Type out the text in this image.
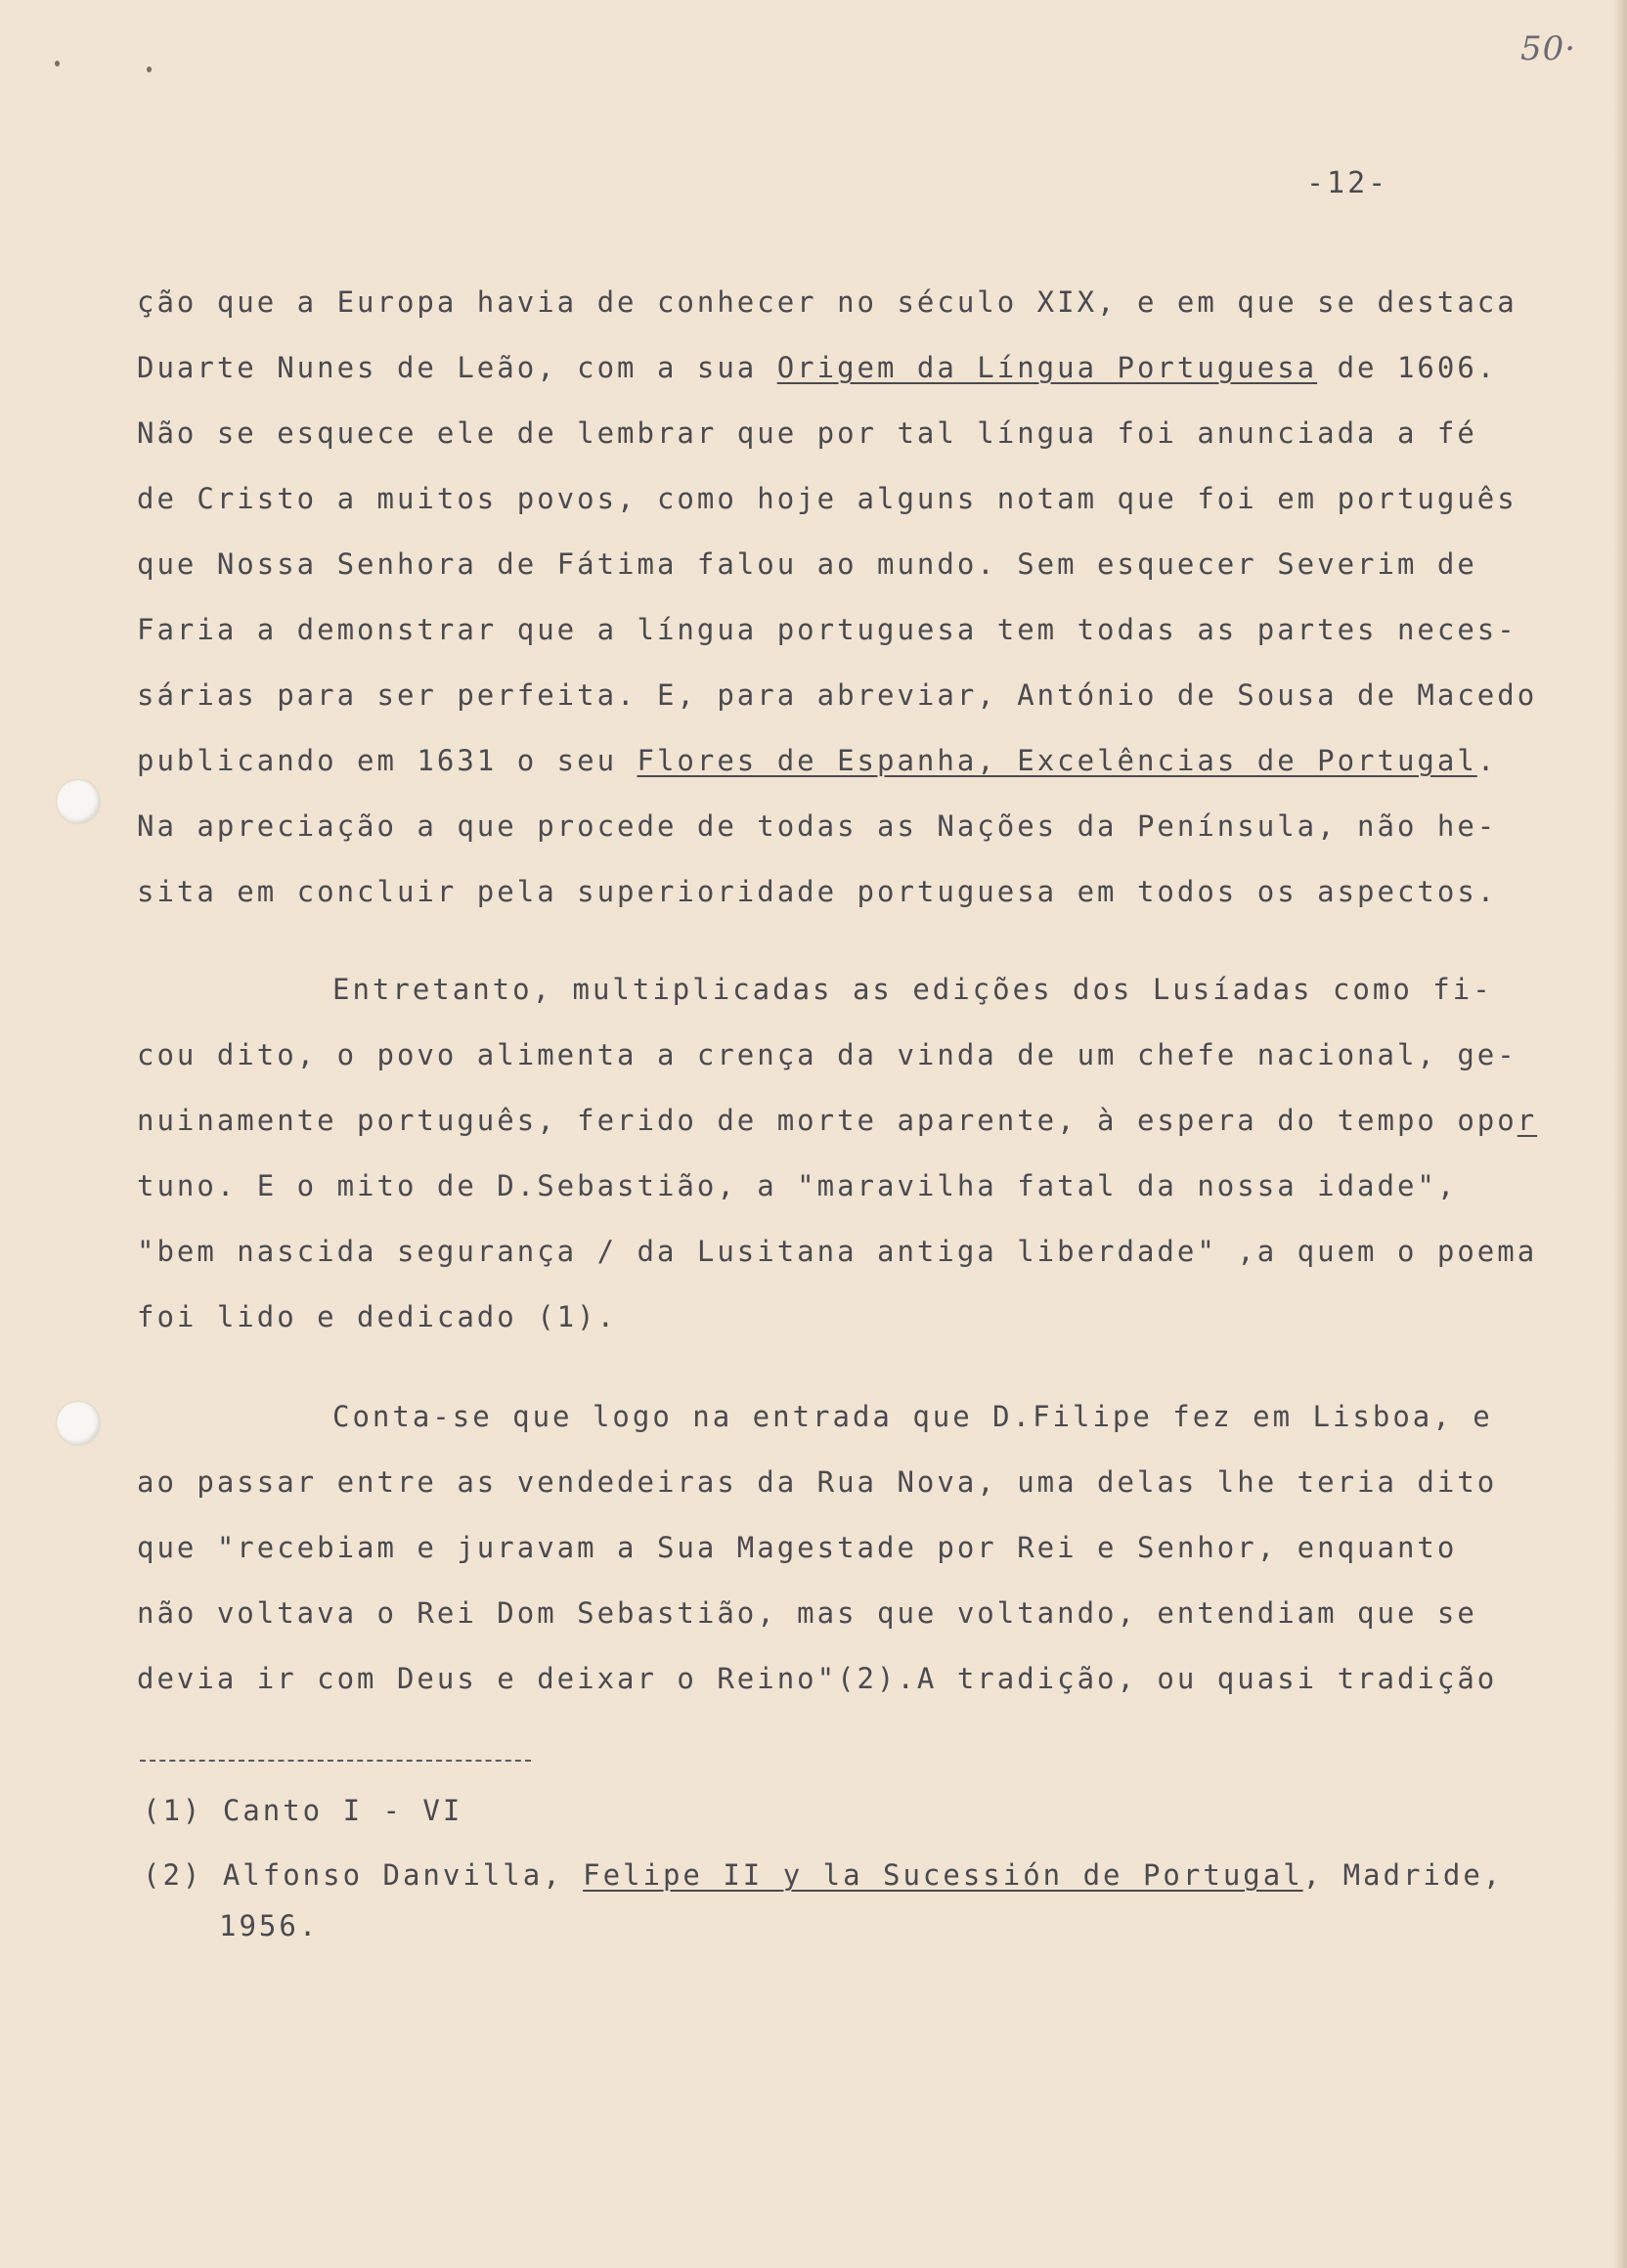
50·
-12-
ção que a Europa havia de conhecer no século XIX, e em que se destaca
Duarte Nunes de Leão, com a sua Origem da Língua Portuguesa de 1606.
Não se esquece ele de lembrar que por tal língua foi anunciada a fé
de Cristo a muitos povos, como hoje alguns notam que foi em português
que Nossa Senhora de Fátima falou ao mundo. Sem esquecer Severim de
Faria a demonstrar que a língua portuguesa tem todas as partes neces-
sárias para ser perfeita. E, para abreviar, António de Sousa de Macedo
publicando em 1631 o seu Flores de Espanha, Excelências de Portugal.
Na apreciação a que procede de todas as Nações da Península, não he-
sita em concluir pela superioridade portuguesa em todos os aspectos.
Entretanto, multiplicadas as edições dos Lusíadas como fi-
cou dito, o povo alimenta a crença da vinda de um chefe nacional, ge-
nuinamente português, ferido de morte aparente, à espera do tempo opor
tuno. E o mito de D.Sebastião, a "maravilha fatal da nossa idade",
"bem nascida segurança / da Lusitana antiga liberdade" ,a quem o poema
foi lido e dedicado (1).
Conta-se que logo na entrada que D.Filipe fez em Lisboa, e
ao passar entre as vendedeiras da Rua Nova, uma delas lhe teria dito
que "recebiam e juravam a Sua Magestade por Rei e Senhor, enquanto
não voltava o Rei Dom Sebastião, mas que voltando, entendiam que se
devia ir com Deus e deixar o Reino"(2).A tradição, ou quasi tradição
(1) Canto I - VI
(2) Alfonso Danvilla, Felipe II y la Sucessión de Portugal, Madride,
1956.
